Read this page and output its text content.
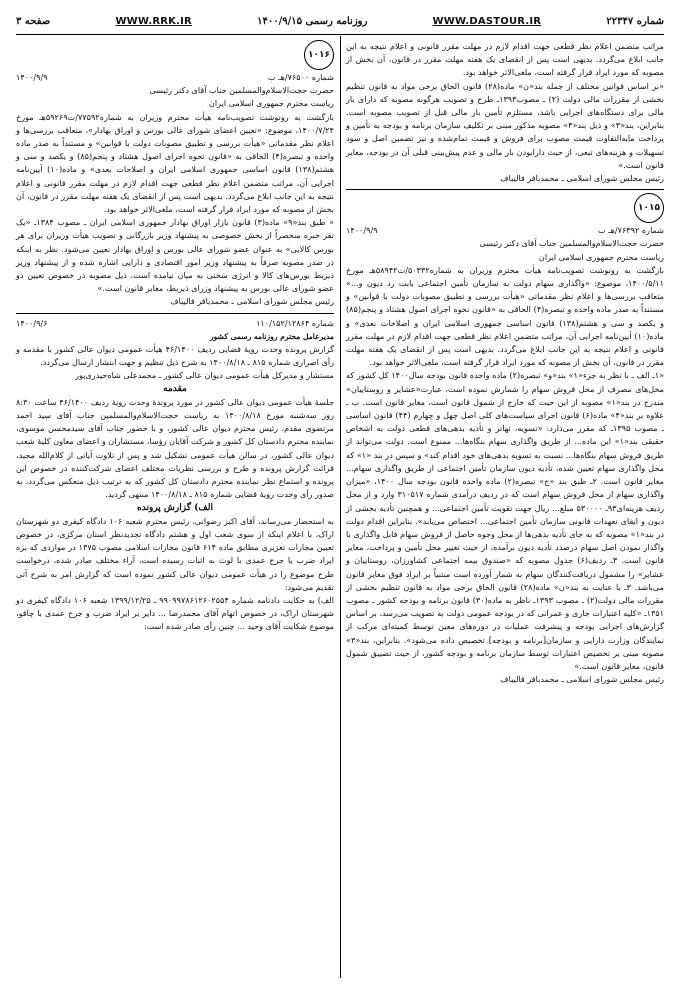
شماره ۲۲۳۴۷
WWW.DASTOUR.IR
روزنامه رسمی ۱۴۰۰/۹/۱۵
WWW.RRK.IR
صفحه ۳

مراتب متضمن اعلام نظر قطعی جهت اقدام لازم در مهلت مقرر قانونی و اعلام نتیجه به این جانب ابلاغ می‌گردد. بدیهی است پس از انقضای یک هفته مهلت مقرر در قانون، آن بخش از مصوبه که مورد ایراد قرار گرفته است، ملغی‌الاثر خواهد بود.

«بر اساس قوانین مختلف از جمله بند«ن» ماده(۲۸) قانون الحاق برخی مواد به قانون تنظیم بخشی از مقررات مالی دولت (۲) ـ مصوب۱۳۹۳ـ طرح و تصویب هرگونه مصوبه که دارای بار مالی برای دستگاه‌های اجرایی باشد، مستلزم تأمین بار مالی قبل از تصویب مصوبه است. بنابراین، بند«۳» و ذیل بند«۴» مصوبه مذکور مبنی بر تکلیف سازمان برنامه و بودجه به تأمین و پرداخت مابه‌التفاوت قیمت مصوب برای فروش و قیمت تمام‌شده و نیز تضمین اصل و سود تسهیلات و هزینه‌های تبعی، از حیث دارابودن بار مالی و عدم پیش‌بینی قبلی آن در بودجه، مغایر قانون است.»

رئیس مجلس شورای اسلامی ـ محمدباقر قالیباف

۱۰۱۵
شماره ۷۶۳۹۲/هـ ب
۱۴۰۰/۹/۹

حضرت حجت‌الاسلام‌والمسلمین جناب آقای دکتر رئیسی

ریاست محترم جمهوری اسلامی ایران

بازگشت به رونوشت تصویب‌نامه هیأت محترم وزیران به شماره۵۰۳۳۲/ت۵۸۹۴۲هـ مورخ ۱۴۰۰/۵/۱۱، موضوع: «واگذاری سهام دولت به سازمان تأمین اجتماعی بابت رد دیون و...» متعاقب بررسی‌ها و اعلام نظر مقدماتی «هیأت بررسی و تطبیق مصوبات دولت با قوانین» و مستنداً به صدر ماده واحده و تبصره(۴) الحاقی به «قانون نحوه اجرای اصول هشتاد و پنجم(۸۵) و یکصد و سی و هشتم(۱۳۸) قانون اساسی جمهوری اسلامی ایران و اصلاحات بعدی» و ماده(۱۰) آیین‌نامه اجرایی آن، مراتب متضمن اعلام نظر قطعی جهت اقدام لازم در مهلت مقرر قانونی و اعلام نتیجه به این جانب ابلاغ می‌گردد. بدیهی است پس از انقضای یک هفته مهلت مقرر در قانون، آن بخش از مصوبه که مورد ایراد قرار گرفته است، ملغی‌الاثر خواهد بود.

«۱ـ الف ـ با نظر به جزء«۱» بند«و» تبصره(۲) ماده واحده قانون بودجه سال۱۴۰۰ کل کشور که محل‌های مصرف از محل فروش سهام را شمارش نموده است، عبارت«عشایر و روستاییان» مندرج در بند«۱» مصوبه از این حیث که خارج از شمول قانون است، مغایر قانون است. ب ـ علاوه بر بند«۴» ماده(۶) قانون اجرای سیاست‌های کلی اصل چهل و چهارم (۴۴) قانون اساسی ـ مصوب ۱۳۹۵ـ که مقرر می‌دارد: «تسویه، تهاتر و تأدیه بدهی‌های قطعی دولت به اشخاص حقیقی بند«۱» این ماده... از طریق واگذاری سهام بنگاه‌ها... ممنوع است. دولت می‌تواند از طریق فروش سهام بنگاه‌ها... نسبت به تسویه بدهی‌های خود اقدام کند» و سپس در بند «۱» که محل واگذاری سهام تعیین شده، تأدیه دیون سازمان تأمین اجتماعی از طریق واگذاری سهام... مغایر قانون است. ۲ـ طبق بند «ح» تبصره(۲) ماده واحده قانون بودجه سال ۱۴۰۰، «میزان واگذاری سهام از محل فروش سهام است که در ردیف درآمدی شماره ۳۱۰۵۱۷ وارد و از محل ردیف هزینه‌ای۹۳ـ ۵۳۰۰۰۰ مبلغ... ریال جهت تقویت تأمین اجتماعی... و همچنین تأدیه بخشی از دیون و ایفای تعهدات قانونی سازمان تأمین اجتماعی... اختصاص می‌یابد». بنابراین اقدام دولت در بند«۱» مصوبه که به جای تأدیه بدهی‌ها از محل وجوه حاصل از فروش سهام قابل واگذاری با واگذار نمودن اصل سهام درصدد تأدیه دیون برآمده، از حیث تغییر محل تأمین و پرداخت، مغایر قانون است. ۳ـ ردیف(۶) جدول مصوبه که «صندوق بیمه اجتماعی کشاورزان، روستاییان و عشایر» را مشمول دریافت‌کنندگان سهام به شمار آورده است مبتنیاً بر ایراد فوق مغایر قانون می‌باشد. ۳ـ با عنایت به بند«ن» ماده(۲۸) قانون الحاق برخی مواد به قانون تنظیم بخشی از مقررات مالی دولت(۲) ـ مصوب ۱۳۹۳ـ ناظر به ماده(۳۰) قانون برنامه و بودجه کشور ـ مصوب ۱۳۵۱ـ «کلیه اعتبارات جاری و عمرانی که در بودجه عمومی دولت به تصویب می‌رسد، بر اساس گزارش‌های اجرایی بودجه و پیشرفت عملیات در دوره‌های معین توسط کمیته‌ای مرکب از نمایندگان وزارت دارایی و سازمان[برنامه و بودجه] تخصیص داده می‌شود». بنابراین، بند«۳» مصوبه مبنی بر تخصیص اعتبارات توسط سازمان برنامه و بودجه کشور، از حیث تضییق شمول قانون، مغایر قانون است.»

رئیس مجلس شورای اسلامی ـ محمدباقر قالیباف

۱۰۱۶
شماره ۷۶۵۰۰/هـ ب
۱۴۰۰/۹/۹

حضرت حجت‌الاسلام‌والمسلمین جناب آقای دکتر رئیسی

ریاست محترم جمهوری اسلامی ایران

بازگشت به رونوشت تصویب‌نامه هیأت محترم وزیران به شماره۷۷۵۹۲/ت۵۹۲۶۹هـ مورخ ۱۴۰۰/۷/۲۴، موضوع: «تعیین اعضای شورای عالی بورس و اوراق بهادار»، متعاقب بررسی‌ها و اعلام نظر مقدماتی «هیأت بررسی و تطبیق مصوبات دولت با قوانین» و مستنداً به صدر ماده واحده و تبصره(۴) الحاقی به «قانون نحوه اجرای اصول هشتاد و پنجم(۸۵) و یکصد و سی و هشتم(۱۳۸) قانون اساسی جمهوری اسلامی ایران و اصلاحات بعدی» و ماده(۱۰) آیین‌نامه اجرایی آن، مراتب متضمن اعلام نظر قطعی جهت اقدام لازم در مهلت مقرر قانونی و اعلام نتیجه به این جانب ابلاغ می‌گردد. بدیهی است پس از انقضای یک هفته مهلت مقرر در قانون، آن بخش از مصوبه که مورد ایراد قرار گرفته است، ملغی‌الاثر خواهد بود.

« طبق بند«۹» ماده(۳) قانون بازار اوراق بهادار جمهوری اسلامی ایران ـ مصوب ۱۳۸۴ـ «یک نفر خبره منحصراً از بخش خصوصی به پیشنهاد وزیر بازرگانی و تصویب هیأت وزیران برای هر بورس کالایی» به عنوان عضو شورای عالی بورس و اوراق بهادار تعیین می‌شود. نظر به اینکه در صدر مصوبه صرفاً به پیشنهاد وزیر امور اقتصادی و دارایی اشاره شده و از پیشنهاد وزیر ذیربط بورس‌های کالا و انرژی سخنی به میان نیامده است، ذیل مصوبه در خصوص تعیین دو عضو شورای عالی بورس به پیشنهاد وزرای ذیربط، مغایر قانون است.»

رئیس مجلس شورای اسلامی ـ محمدباقر قالیباف

شماره ۱۱۰/۱۵۲/۱۲۸۶۴
۱۴۰۰/۹/۶

مدیرعامل محترم روزنامه رسمی کشور

گزارش پرونده وحدت رویهٔ قضایی ردیف ۴۶/۱۴۰۰ هیأت عمومی دیوان عالی کشور با مقدمه و رأی اصراری شماره ۸۱۵ ـ ۱۴۰۰/۸/۱۸ به شرح ذیل تنظیم و جهت انتشار ارسال می‌گردد.

مستشار و مدیرکل هیأت عمومی دیوان عالی کشور ـ محمدعلی شاه‌حیدری‌پور

مقدمه

جلسهٔ هیأت عمومی دیوان عالی کشور در مورد پروندهٔ وحدت رویهٔ ردیف ۴۶/۱۴۰۰ ساعت ۸:۳۰ روز سه‌شنبه مورخ ۱۴۰۰/۸/۱۸ به ریاست حجت‌الاسلام‌والمسلمین جناب آقای سید احمد مرتضوی مقدم، رئیس محترم دیوان عالی کشور، و با حضور جناب آقای سیدمحسن موسوی، نماینده محترم دادستان کل کشور و شرکت آقایان رؤسا، مستشاران و اعضای معاون کلیهٔ شعب دیوان عالی کشور، در سالن هیأت عمومی تشکیل شد و پس از تلاوت آیاتی از کلام‌الله مجید، قرائت گزارش پرونده و طرح و بررسی نظریات مختلف اعضای شرکت‌کننده در خصوص این پرونده و استماع نظر نماینده محترم دادستان کل کشور که به ترتیب ذیل منعکس می‌گردد، به صدور رأی وحدت رویهٔ قضایی شماره ۸۱۵ ـ ۱۴۰۰/۸/۱۸ منتهی گردید.

الف) گزارش پرونده

به استحضار می‌رساند، آقای اکبر رضوانی، رئیس محترم شعبه ۱۰۶ دادگاه کیفری دو شهرستان اراک، با اعلام اینکه از سوی شعب اول و هشتم دادگاه تجدیدنظر استان مرکزی، در خصوص تعیین مجازات تعزیری مطابق ماده ۶۱۴ قانون مجازات اسلامی مصوب ۱۳۷۵ در مواردی که بزه ایراد ضرب یا جرح عمدی با لوث به اثبات رسیده است، آراء مختلف صادر شده، درخواست طرح موضوع را در هیأت عمومی دیوان عالی کشور نموده است که گزارش امر به شرح آتی تقدیم می‌شود:

الف) به حکایت دادنامه شماره ۹۹۰۹۹۷۸۶۱۲۶۰۲۵۵۴ ـ ۱۳۹۹/۱۲/۲۵ شعبه ۱۰۶ دادگاه کیفری دو شهرستان اراک، در خصوص اتهام آقای محمدرضا ... دایر بر ایراد ضرب و جرح عمدی با چاقو، موضوع شکایت آقای وحید ... چنین رأی صادر شده است:
